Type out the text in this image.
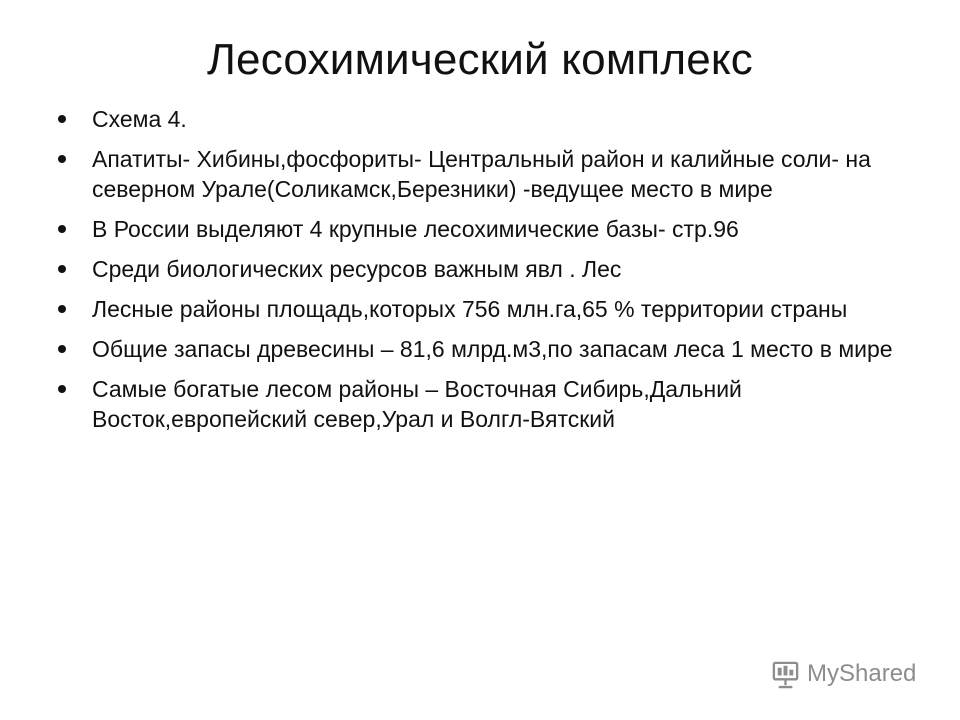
Лесохимический комплекс
Схема 4.
Апатиты- Хибины,фосфориты- Центральный район и калийные соли- на северном Урале(Соликамск,Березники) -ведущее место в мире
В России выделяют 4 крупные лесохимические базы- стр.96
Среди биологических ресурсов важным явл . Лес
Лесные районы площадь,которых 756 млн.га,65 % территории страны
Общие запасы древесины – 81,6 млрд.м3,по запасам леса 1 место в мире
Самые богатые лесом районы – Восточная Сибирь,Дальний Восток,европейский север,Урал и Волгл-Вятский
MyShared
